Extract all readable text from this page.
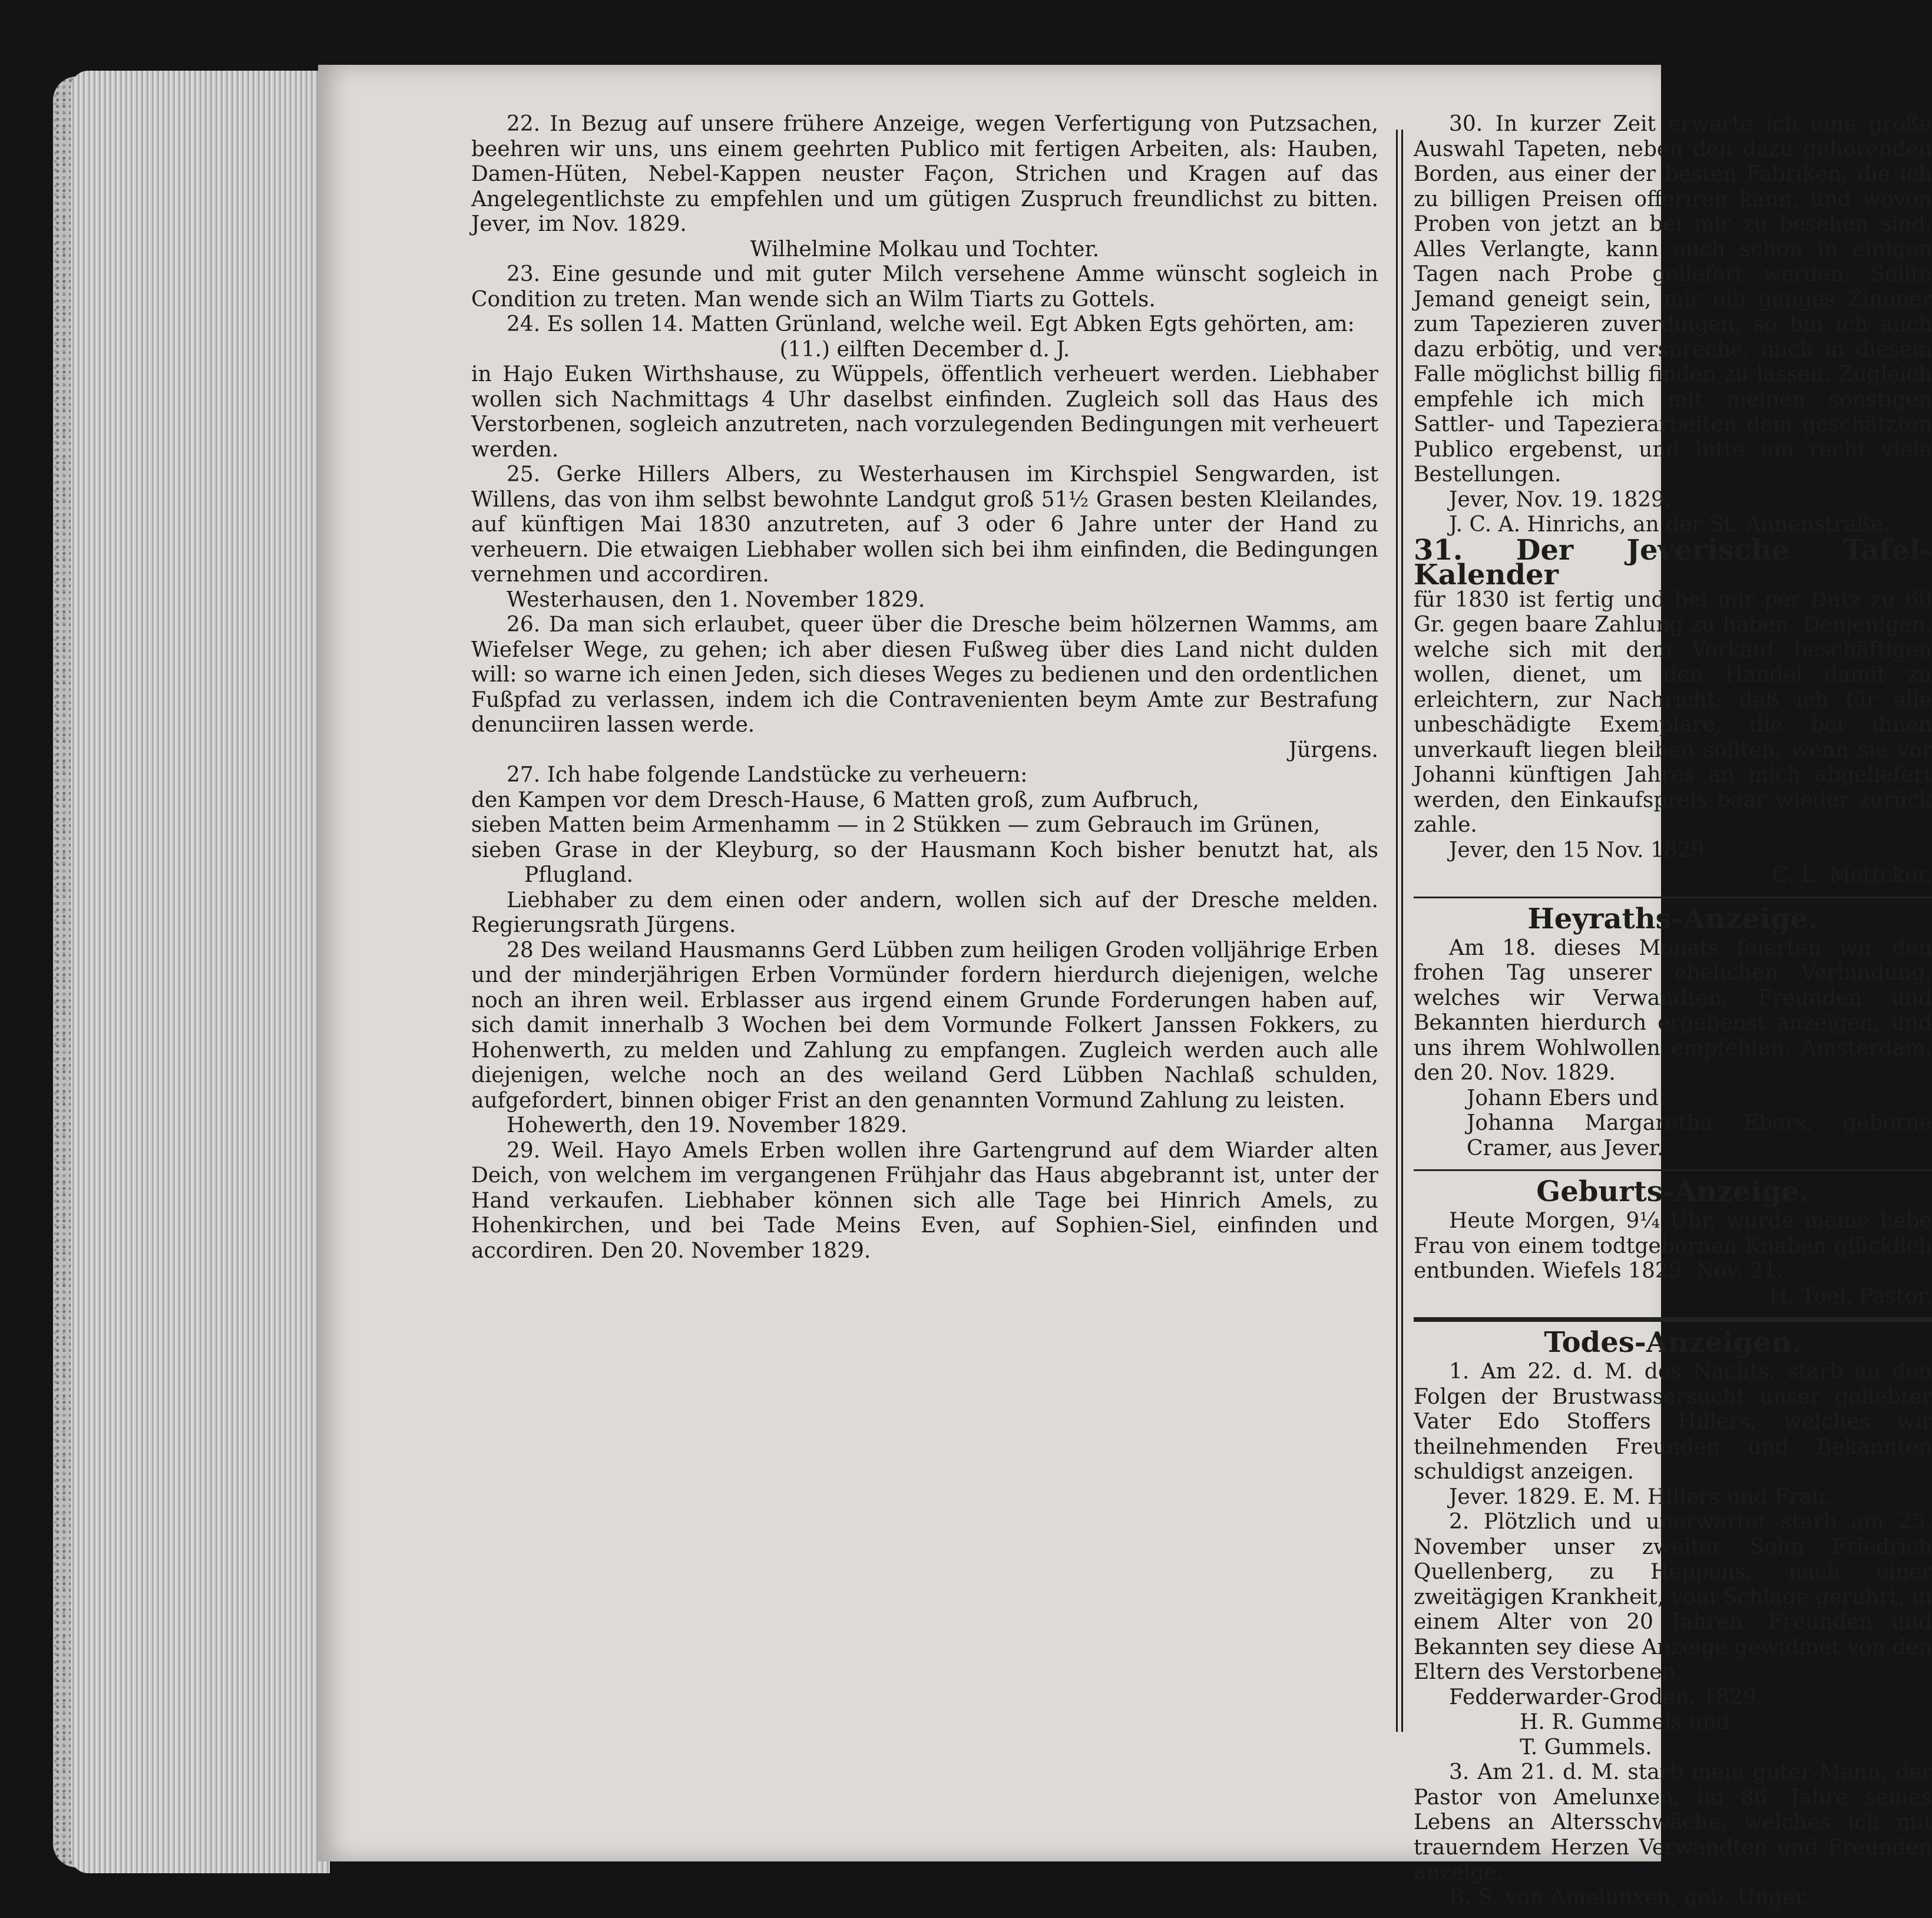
22. In Bezug auf unsere frühere Anzeige, wegen Verfertigung von Putzsachen, beehren wir uns, uns einem geehrten Publico mit fertigen Arbeiten, als: Hauben, Damen-Hüten, Nebel-Kappen neuster Façon, Strichen und Kragen auf das Angelegentlichste zu empfehlen und um gütigen Zuspruch freundlichst zu bitten. Jever, im Nov. 1829.

Wilhelmine Molkau und Tochter.

23. Eine gesunde und mit guter Milch versehene Amme wünscht sogleich in Condition zu treten. Man wende sich an Wilm Tiarts zu Gottels.

24. Es sollen 14. Matten Grünland, welche weil. Egt Abken Egts gehörten, am:

(11.) eilften December d. J.

in Hajo Euken Wirthshause, zu Wüppels, öffentlich verheuert werden. Liebhaber wollen sich Nachmittags 4 Uhr daselbst einfinden. Zugleich soll das Haus des Verstorbenen, sogleich anzutreten, nach vorzulegenden Bedingungen mit verheuert werden.

25. Gerke Hillers Albers, zu Westerhausen im Kirchspiel Sengwarden, ist Willens, das von ihm selbst bewohnte Landgut groß 51½ Grasen besten Kleilandes, auf künftigen Mai 1830 anzutreten, auf 3 oder 6 Jahre unter der Hand zu verheuern. Die etwaigen Liebhaber wollen sich bei ihm einfinden, die Bedingungen vernehmen und accordiren.

Westerhausen, den 1. November 1829.

26. Da man sich erlaubet, queer über die Dresche beim hölzernen Wamms, am Wiefelser Wege, zu gehen; ich aber diesen Fußweg über dies Land nicht dulden will: so warne ich einen Jeden, sich dieses Weges zu bedienen und den ordentlichen Fußpfad zu verlassen, indem ich die Contravenienten beym Amte zur Bestrafung denunciiren lassen werde.

Jürgens.

27. Ich habe folgende Landstücke zu verheuern:

den Kampen vor dem Dresch-Hause, 6 Matten groß, zum Aufbruch,

sieben Matten beim Armenhamm — in 2 Stükken — zum Gebrauch im Grünen,

sieben Grase in der Kleyburg, so der Hausmann Koch bisher benutzt hat, als Pflugland.

Liebhaber zu dem einen oder andern, wollen sich auf der Dresche melden. Regierungsrath Jürgens.

28 Des weiland Hausmanns Gerd Lübben zum heiligen Groden volljährige Erben und der minderjährigen Erben Vormünder fordern hierdurch diejenigen, welche noch an ihren weil. Erblasser aus irgend einem Grunde Forderungen haben auf, sich damit innerhalb 3 Wochen bei dem Vormunde Folkert Janssen Fokkers, zu Hohenwerth, zu melden und Zahlung zu empfangen. Zugleich werden auch alle diejenigen, welche noch an des weiland Gerd Lübben Nachlaß schulden, aufgefordert, binnen obiger Frist an den genannten Vormund Zahlung zu leisten.

Hohewerth, den 19. November 1829.

29. Weil. Hayo Amels Erben wollen ihre Gartengrund auf dem Wiarder alten Deich, von welchem im vergangenen Frühjahr das Haus abgebrannt ist, unter der Hand verkaufen. Liebhaber können sich alle Tage bei Hinrich Amels, zu Hohenkirchen, und bei Tade Meins Even, auf Sophien-Siel, einfinden und accordiren. Den 20. November 1829.

30. In kurzer Zeit erwarte ich eine große Auswahl Tapeten, neben den dazu gehörenden Borden, aus einer der besten Fabriken, die ich zu billigen Preisen offeriren kann, und wovon Proben von jetzt an bei mir zu besehen sind. Alles Verlangte, kann auch schon in einigen Tagen nach Probe geliefert werden. Sollte Jemand geneigt sein, mir ein ganges Zimmer zum Tapezieren zuverdingen, so bin ich auch dazu erbötig, und verspreche, mich in diesem Falle möglichst billig finden zu lassen. Zugleich empfehle ich mich mit meinen sonstigen Sattler- und Tapezierarbeiten dem geschätzten Publico ergebenst, und bitte um recht viele Bestellungen.

Jever, Nov. 19. 1829.

J. C. A. Hinrichs, an der St. Annenstraße.

31. Der Jeverische Tafel-Kalender

für 1830 ist fertig und bei mir per Dutz zu 60 Gr. gegen baare Zahlung zu haben. Denjenigen, welche sich mit dem Verkauf beschäftigen wollen, dienet, um den Handel damit zu erleichtern, zur Nachricht: daß ich für alle unbeschädigte Exemplare, die bei ihnen unverkauft liegen bleiben sollten, wenn sie vor Johanni künftigen Jahres an mich abgeliefert werden, den Einkaufspreis baar wieder zurück zahle.

Jever, den 15 Nov. 1829.

C. L. Mettcker.

Heyraths-Anzeige.

Am 18. dieses Monats feierten wir den frohen Tag unserer ehelichen Verbindung, welches wir Verwandten, Freunden und Bekannten hierdurch ergebenst anzeigen, und uns ihrem Wohlwollen empfehlen. Amsterdam, den 20. Nov. 1829.

Johann Ebers und

Johanna Margaretha Ebers, geborne Cramer, aus Jever.

Geburts-Anzeige.

Heute Morgen, 9¼ Uhr, wurde meine liebe Frau von einem todtgebornen Knaben glücklich entbunden. Wiefels 1829. Nov. 21.

H. Toel, Pastor.

Todes-Anzeigen.

1. Am 22. d. M. des Nachts, starb an den Folgen der Brustwassersucht unser geliebter Vater Edo Stoffers Hillers, welches wir theilnehmenden Freunden und Bekannten schuldigst anzeigen.

Jever. 1829. E. M. Hillers und Frau.

2. Plötzlich und unerwartet starb am 25. November unser zweiter Sohn Friedrich Quellenberg, zu Heppens, nach einer zweitägigen Krankheit, vom Schlage gerührt, in einem Alter von 20 Jahren. Freunden und Bekannten sey diese Anzeige gewidmet von den Eltern des Verstorbenen.

Fedderwarder-Groden. 1829.

H. R. Gummels und

T. Gummels.

3. Am 21. d. M. starb mein guter Mann, der Pastor von Amelunxen, im 86. Jahre seines Lebens an Altersschwäche, welches ich mit trauerndem Herzen Verwandten und Freunden anzeige.

B. S. von Amelunxen, geb. Unger.
